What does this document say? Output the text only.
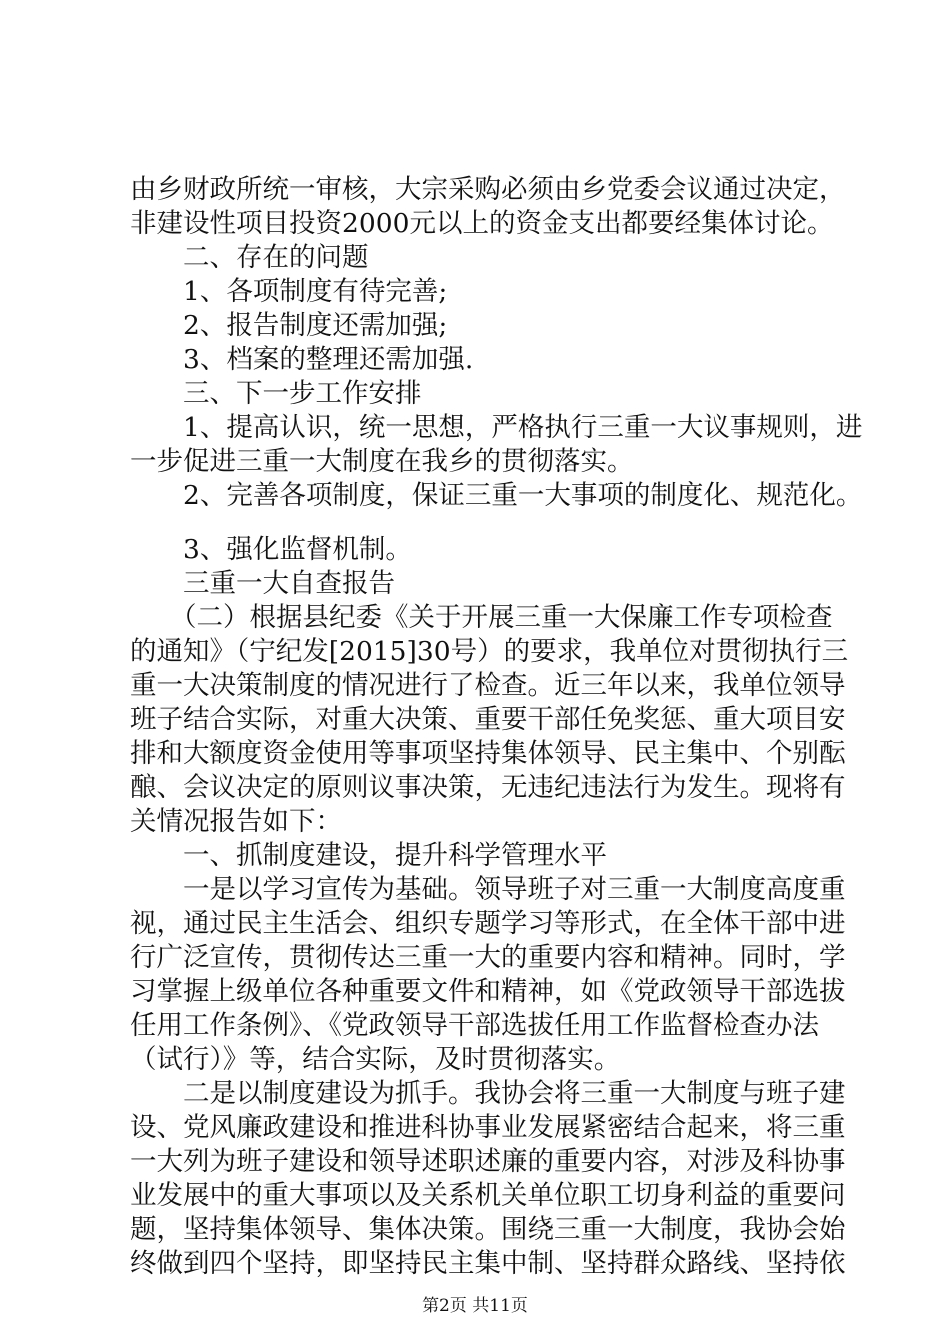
由乡财政所统一审核，大宗采购必须由乡党委会议通过决定，
非建设性项目投资2000元以上的资金支出都要经集体讨论。
二、存在的问题
1、各项制度有待完善;
2、报告制度还需加强;
3、档案的整理还需加强.
三、下一步工作安排
1、提高认识，统一思想，严格执行三重一大议事规则，进
一步促进三重一大制度在我乡的贯彻落实。
2、完善各项制度，保证三重一大事项的制度化、规范化。
3、强化监督机制。
三重一大自查报告
（二）根据县纪委《关于开展三重一大保廉工作专项检查
的通知》（宁纪发[2015]30号）的要求，我单位对贯彻执行三
重一大决策制度的情况进行了检查。近三年以来，我单位领导
班子结合实际，对重大决策、重要干部任免奖惩、重大项目安
排和大额度资金使用等事项坚持集体领导、民主集中、个别酝
酿、会议决定的原则议事决策，无违纪违法行为发生。现将有
关情况报告如下：
一、抓制度建设，提升科学管理水平
一是以学习宣传为基础。领导班子对三重一大制度高度重
视，通过民主生活会、组织专题学习等形式，在全体干部中进
行广泛宣传，贯彻传达三重一大的重要内容和精神。同时，学
习掌握上级单位各种重要文件和精神，如《党政领导干部选拔
任用工作条例》、《党政领导干部选拔任用工作监督检查办法
（试行）》等，结合实际，及时贯彻落实。
二是以制度建设为抓手。我协会将三重一大制度与班子建
设、党风廉政建设和推进科协事业发展紧密结合起来，将三重
一大列为班子建设和领导述职述廉的重要内容，对涉及科协事
业发展中的重大事项以及关系机关单位职工切身利益的重要问
题，坚持集体领导、集体决策。围绕三重一大制度，我协会始
终做到四个坚持，即坚持民主集中制、坚持群众路线、坚持依
第2页 共11页
